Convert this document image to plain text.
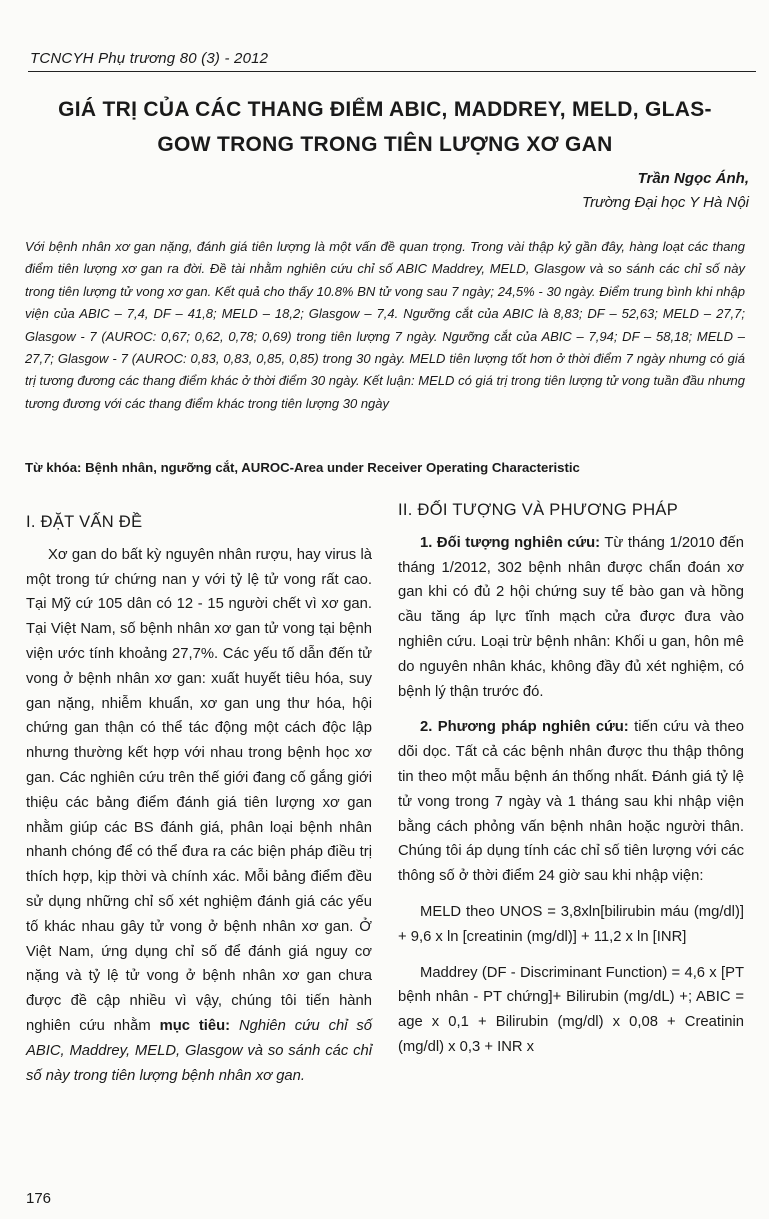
TCNCYH Phụ trương 80 (3) - 2012
GIÁ TRỊ CỦA CÁC THANG ĐIỂM ABIC, MADDREY, MELD, GLAS-
GOW TRONG TRONG TIÊN LƯỢNG XƠ GAN
Trần Ngọc Ánh,
Trường Đại học Y Hà Nội
Với bệnh nhân xơ gan nặng, đánh giá tiên lượng là một vấn đề quan trọng. Trong vài thập kỷ gần đây, hàng loạt các thang điểm tiên lượng xơ gan ra đời. Đề tài nhằm nghiên cứu chỉ số ABIC Maddrey, MELD, Glasgow và so sánh các chỉ số này trong tiên lượng tử vong xơ gan. Kết quả cho thấy 10.8% BN tử vong sau 7 ngày; 24,5% - 30 ngày. Điểm trung bình khi nhập viện của ABIC – 7,4, DF – 41,8; MELD – 18,2; Glasgow – 7,4. Ngưỡng cắt của ABIC là 8,83; DF – 52,63; MELD – 27,7; Glasgow - 7 (AUROC: 0,67; 0,62, 0,78; 0,69) trong tiên lượng 7 ngày. Ngưỡng cắt của ABIC – 7,94; DF – 58,18; MELD – 27,7; Glasgow - 7 (AUROC: 0,83, 0,83, 0,85, 0,85) trong 30 ngày. MELD tiên lượng tốt hơn ở thời điểm 7 ngày nhưng có giá trị tương đương các thang điểm khác ở thời điểm 30 ngày. Kết luận: MELD có giá trị trong tiên lượng tử vong tuần đầu nhưng tương đương với các thang điểm khác trong tiên lượng 30 ngày
Từ khóa: Bệnh nhân, ngưỡng cắt, AUROC-Area under Receiver Operating Characteristic
I. ĐẶT VẤN ĐỀ

Xơ gan do bất kỳ nguyên nhân rượu, hay virus là một trong tứ chứng nan y với tỷ lệ tử vong rất cao. Tại Mỹ cứ 105 dân có 12 - 15 người chết vì xơ gan. Tại Việt Nam, số bệnh nhân xơ gan tử vong tại bệnh viện ước tính khoảng 27,7%. Các yếu tố dẫn đến tử vong ở bệnh nhân xơ gan: xuất huyết tiêu hóa, suy gan nặng, nhiễm khuẩn, xơ gan ung thư hóa, hội chứng gan thận có thể tác động một cách độc lập nhưng thường kết hợp với nhau trong bệnh học xơ gan. Các nghiên cứu trên thế giới đang cố gắng giới thiệu các bảng điểm đánh giá tiên lượng xơ gan nhằm giúp các BS đánh giá, phân loại bệnh nhân nhanh chóng để có thể đưa ra các biện pháp điều trị thích hợp, kịp thời và chính xác. Mỗi bảng điểm đều sử dụng những chỉ số xét nghiệm đánh giá các yếu tố khác nhau gây tử vong ở bệnh nhân xơ gan. Ở Việt Nam, ứng dụng chỉ số để đánh giá nguy cơ nặng và tỷ lệ tử vong ở bệnh nhân xơ gan chưa được đề cập nhiều vì vậy, chúng tôi tiến hành nghiên cứu nhằm mục tiêu: Nghiên cứu chỉ số ABIC, Maddrey, MELD, Glasgow và so sánh các chỉ số này trong tiên lượng bệnh nhân xơ gan.

II. ĐỐI TƯỢNG VÀ PHƯƠNG PHÁP

1. Đối tượng nghiên cứu: Từ tháng 1/2010 đến tháng 1/2012, 302 bệnh nhân được chẩn đoán xơ gan khi có đủ 2 hội chứng suy tế bào gan và hồng cầu tăng áp lực tĩnh mạch cửa được đưa vào nghiên cứu. Loại trừ bệnh nhân: Khối u gan, hôn mê do nguyên nhân khác, không đầy đủ xét nghiệm, có bệnh lý thận trước đó.

2. Phương pháp nghiên cứu: tiến cứu và theo dõi dọc. Tất cả các bệnh nhân được thu thập thông tin theo một mẫu bệnh án thống nhất. Đánh giá tỷ lệ tử vong trong 7 ngày và 1 tháng sau khi nhập viện bằng cách phỏng vấn bệnh nhân hoặc người thân. Chúng tôi áp dụng tính các chỉ số tiên lượng với các thông số ở thời điểm 24 giờ sau khi nhập viện:

MELD theo UNOS = 3,8xln[bilirubin máu (mg/dl)] + 9,6 x ln [creatinin (mg/dl)] + 11,2 x ln [INR]

Maddrey (DF - Discriminant Function) = 4,6 x [PT bệnh nhân - PT chứng]+ Bilirubin (mg/dL) +; ABIC = age x 0,1 + Bilirubin (mg/dl) x 0,08 + Creatinin (mg/dl) x 0,3 + INR x

176
